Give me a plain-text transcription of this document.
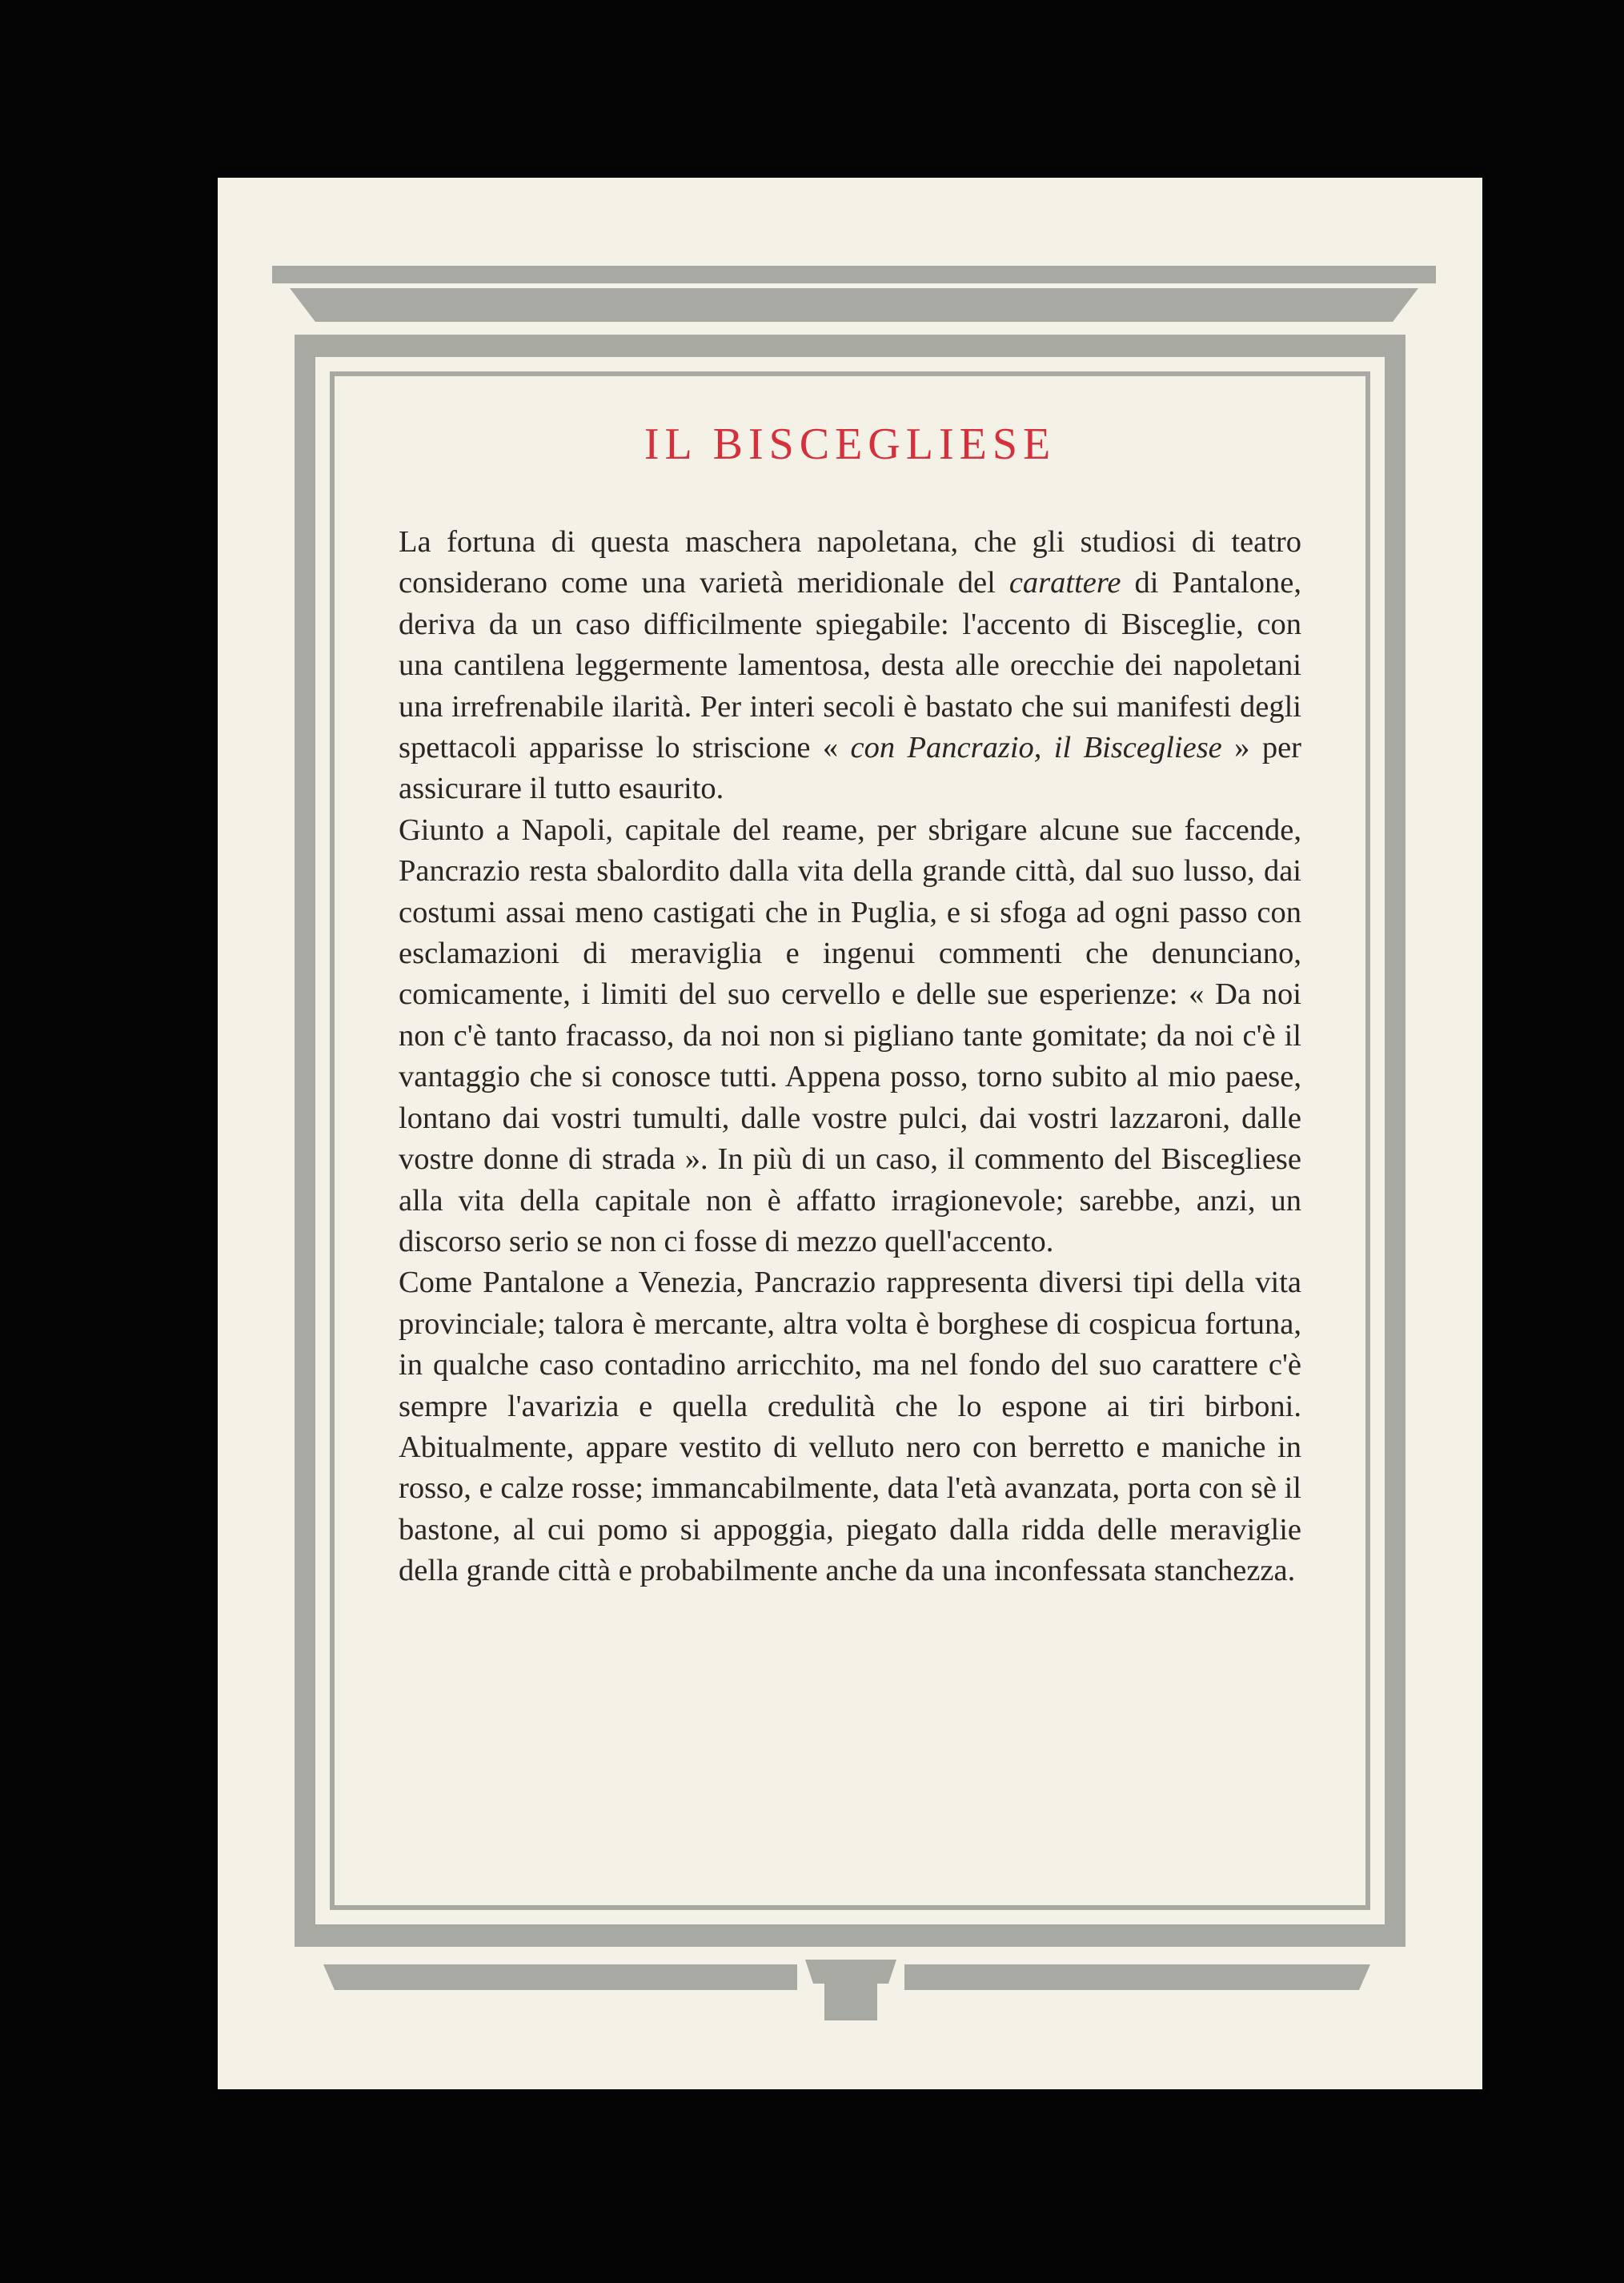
IL BISCEGLIESE

La fortuna di questa maschera napoletana, che gli studiosi di teatro considerano come una varietà meridionale del carattere di Pantalone, deriva da un caso difficilmente spiegabile: l'accento di Bisceglie, con una cantilena leggermente lamentosa, desta alle orecchie dei napoletani una irrefrenabile ilarità. Per interi secoli è bastato che sui manifesti degli spettacoli apparisse lo striscione « con Pancrazio, il Biscegliese » per assicurare il tutto esaurito.

Giunto a Napoli, capitale del reame, per sbrigare alcune sue faccende, Pancrazio resta sbalordito dalla vita della grande città, dal suo lusso, dai costumi assai meno castigati che in Puglia, e si sfoga ad ogni passo con esclamazioni di meraviglia e ingenui commenti che denunciano, comicamente, i limiti del suo cervello e delle sue esperienze: « Da noi non c'è tanto fracasso, da noi non si pigliano tante gomitate; da noi c'è il vantaggio che si conosce tutti. Appena posso, torno subito al mio paese, lontano dai vostri tumulti, dalle vostre pulci, dai vostri lazzaroni, dalle vostre donne di strada ». In più di un caso, il commento del Biscegliese alla vita della capitale non è affatto irragionevole; sarebbe, anzi, un discorso serio se non ci fosse di mezzo quell'accento.

Come Pantalone a Venezia, Pancrazio rappresenta diversi tipi della vita provinciale; talora è mercante, altra volta è borghese di cospicua fortuna, in qualche caso contadino arricchito, ma nel fondo del suo carattere c'è sempre l'avarizia e quella credulità che lo espone ai tiri birboni. Abitualmente, appare vestito di velluto nero con berretto e maniche in rosso, e calze rosse; immancabilmente, data l'età avanzata, porta con sè il bastone, al cui pomo si appoggia, piegato dalla ridda delle meraviglie della grande città e probabilmente anche da una inconfessata stanchezza.
